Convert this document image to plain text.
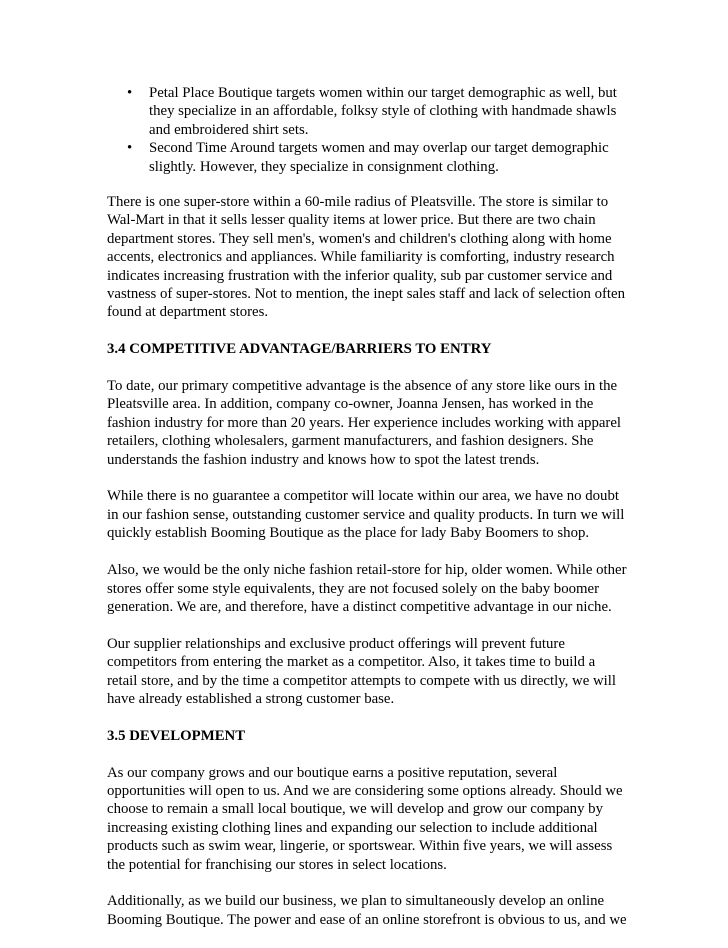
• Petal Place Boutique targets women within our target demographic as well, but they specialize in an affordable, folksy style of clothing with handmade shawls and embroidered shirt sets.
• Second Time Around targets women and may overlap our target demographic slightly. However, they specialize in consignment clothing.

There is one super-store within a 60-mile radius of Pleatsville. The store is similar to Wal-Mart in that it sells lesser quality items at lower price. But there are two chain department stores. They sell men's, women's and children's clothing along with home accents, electronics and appliances. While familiarity is comforting, industry research indicates increasing frustration with the inferior quality, sub par customer service and vastness of super-stores. Not to mention, the inept sales staff and lack of selection often found at department stores.

3.4 COMPETITIVE ADVANTAGE/BARRIERS TO ENTRY

To date, our primary competitive advantage is the absence of any store like ours in the Pleatsville area. In addition, company co-owner, Joanna Jensen, has worked in the fashion industry for more than 20 years. Her experience includes working with apparel retailers, clothing wholesalers, garment manufacturers, and fashion designers. She understands the fashion industry and knows how to spot the latest trends.

While there is no guarantee a competitor will locate within our area, we have no doubt in our fashion sense, outstanding customer service and quality products. In turn we will quickly establish Booming Boutique as the place for lady Baby Boomers to shop.

Also, we would be the only niche fashion retail-store for hip, older women. While other stores offer some style equivalents, they are not focused solely on the baby boomer generation. We are, and therefore, have a distinct competitive advantage in our niche.

Our supplier relationships and exclusive product offerings will prevent future competitors from entering the market as a competitor. Also, it takes time to build a retail store, and by the time a competitor attempts to compete with us directly, we will have already established a strong customer base.

3.5 DEVELOPMENT

As our company grows and our boutique earns a positive reputation, several opportunities will open to us. And we are considering some options already. Should we choose to remain a small local boutique, we will develop and grow our company by increasing existing clothing lines and expanding our selection to include additional products such as swim wear, lingerie, or sportswear. Within five years, we will assess the potential for franchising our stores in select locations.

Additionally, as we build our business, we plan to simultaneously develop an online Booming Boutique. The power and ease of an online storefront is obvious to us, and we
